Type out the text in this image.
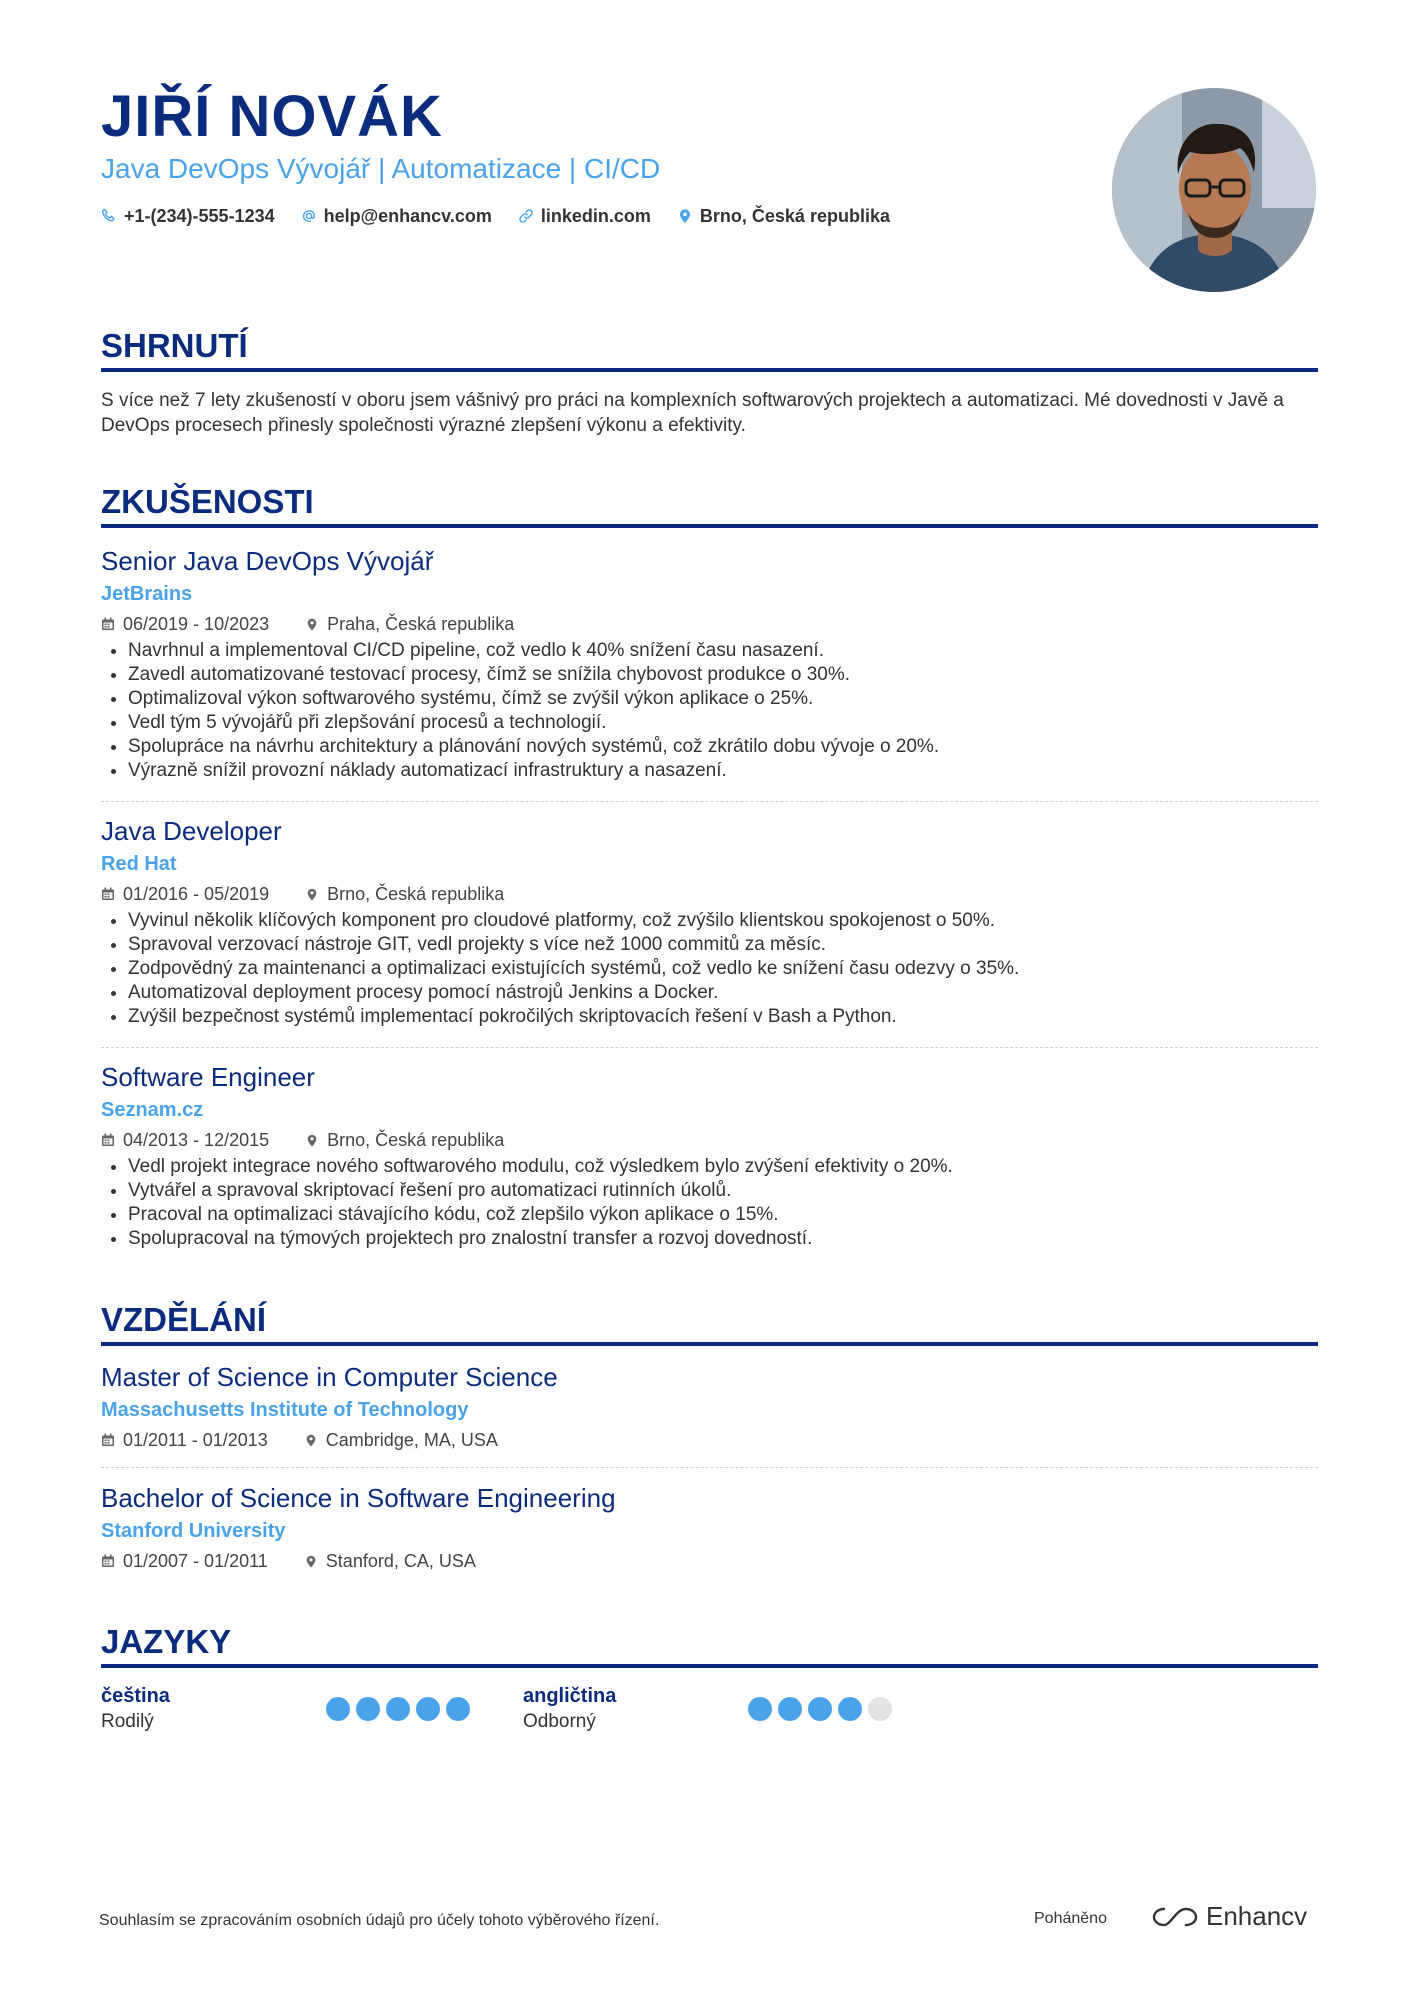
JIŘÍ NOVÁK
Java DevOps Vývojář | Automatizace | CI/CD
+1-(234)-555-1234	help@enhancv.com	linkedin.com	Brno, Česká republika
SHRNUTÍ
S více než 7 lety zkušeností v oboru jsem vášnivý pro práci na komplexních softwarových projektech a automatizaci. Mé dovednosti v Javě a DevOps procesech přinesly společnosti výrazné zlepšení výkonu a efektivity.
ZKUŠENOSTI
Senior Java DevOps Vývojář
JetBrains
06/2019 - 10/2023	Praha, Česká republika
• Navrhnul a implementoval CI/CD pipeline, což vedlo k 40% snížení času nasazení.
• Zavedl automatizované testovací procesy, čímž se snížila chybovost produkce o 30%.
• Optimalizoval výkon softwarového systému, čímž se zvýšil výkon aplikace o 25%.
• Vedl tým 5 vývojářů při zlepšování procesů a technologií.
• Spolupráce na návrhu architektury a plánování nových systémů, což zkrátilo dobu vývoje o 20%.
• Výrazně snížil provozní náklady automatizací infrastruktury a nasazení.
Java Developer
Red Hat
01/2016 - 05/2019	Brno, Česká republika
• Vyvinul několik klíčových komponent pro cloudové platformy, což zvýšilo klientskou spokojenost o 50%.
• Spravoval verzovací nástroje GIT, vedl projekty s více než 1000 commitů za měsíc.
• Zodpovědný za maintenanci a optimalizaci existujících systémů, což vedlo ke snížení času odezvy o 35%.
• Automatizoval deployment procesy pomocí nástrojů Jenkins a Docker.
• Zvýšil bezpečnost systémů implementací pokročilých skriptovacích řešení v Bash a Python.
Software Engineer
Seznam.cz
04/2013 - 12/2015	Brno, Česká republika
• Vedl projekt integrace nového softwarového modulu, což výsledkem bylo zvýšení efektivity o 20%.
• Vytvářel a spravoval skriptovací řešení pro automatizaci rutinních úkolů.
• Pracoval na optimalizaci stávajícího kódu, což zlepšilo výkon aplikace o 15%.
• Spolupracoval na týmových projektech pro znalostní transfer a rozvoj dovedností.
VZDĚLÁNÍ
Master of Science in Computer Science
Massachusetts Institute of Technology
01/2011 - 01/2013	Cambridge, MA, USA
Bachelor of Science in Software Engineering
Stanford University
01/2007 - 01/2011	Stanford, CA, USA
JAZYKY
čeština
Rodilý
angličtina
Odborný
Souhlasím se zpracováním osobních údajů pro účely tohoto výběrového řízení.	Poháněno	Enhancv
